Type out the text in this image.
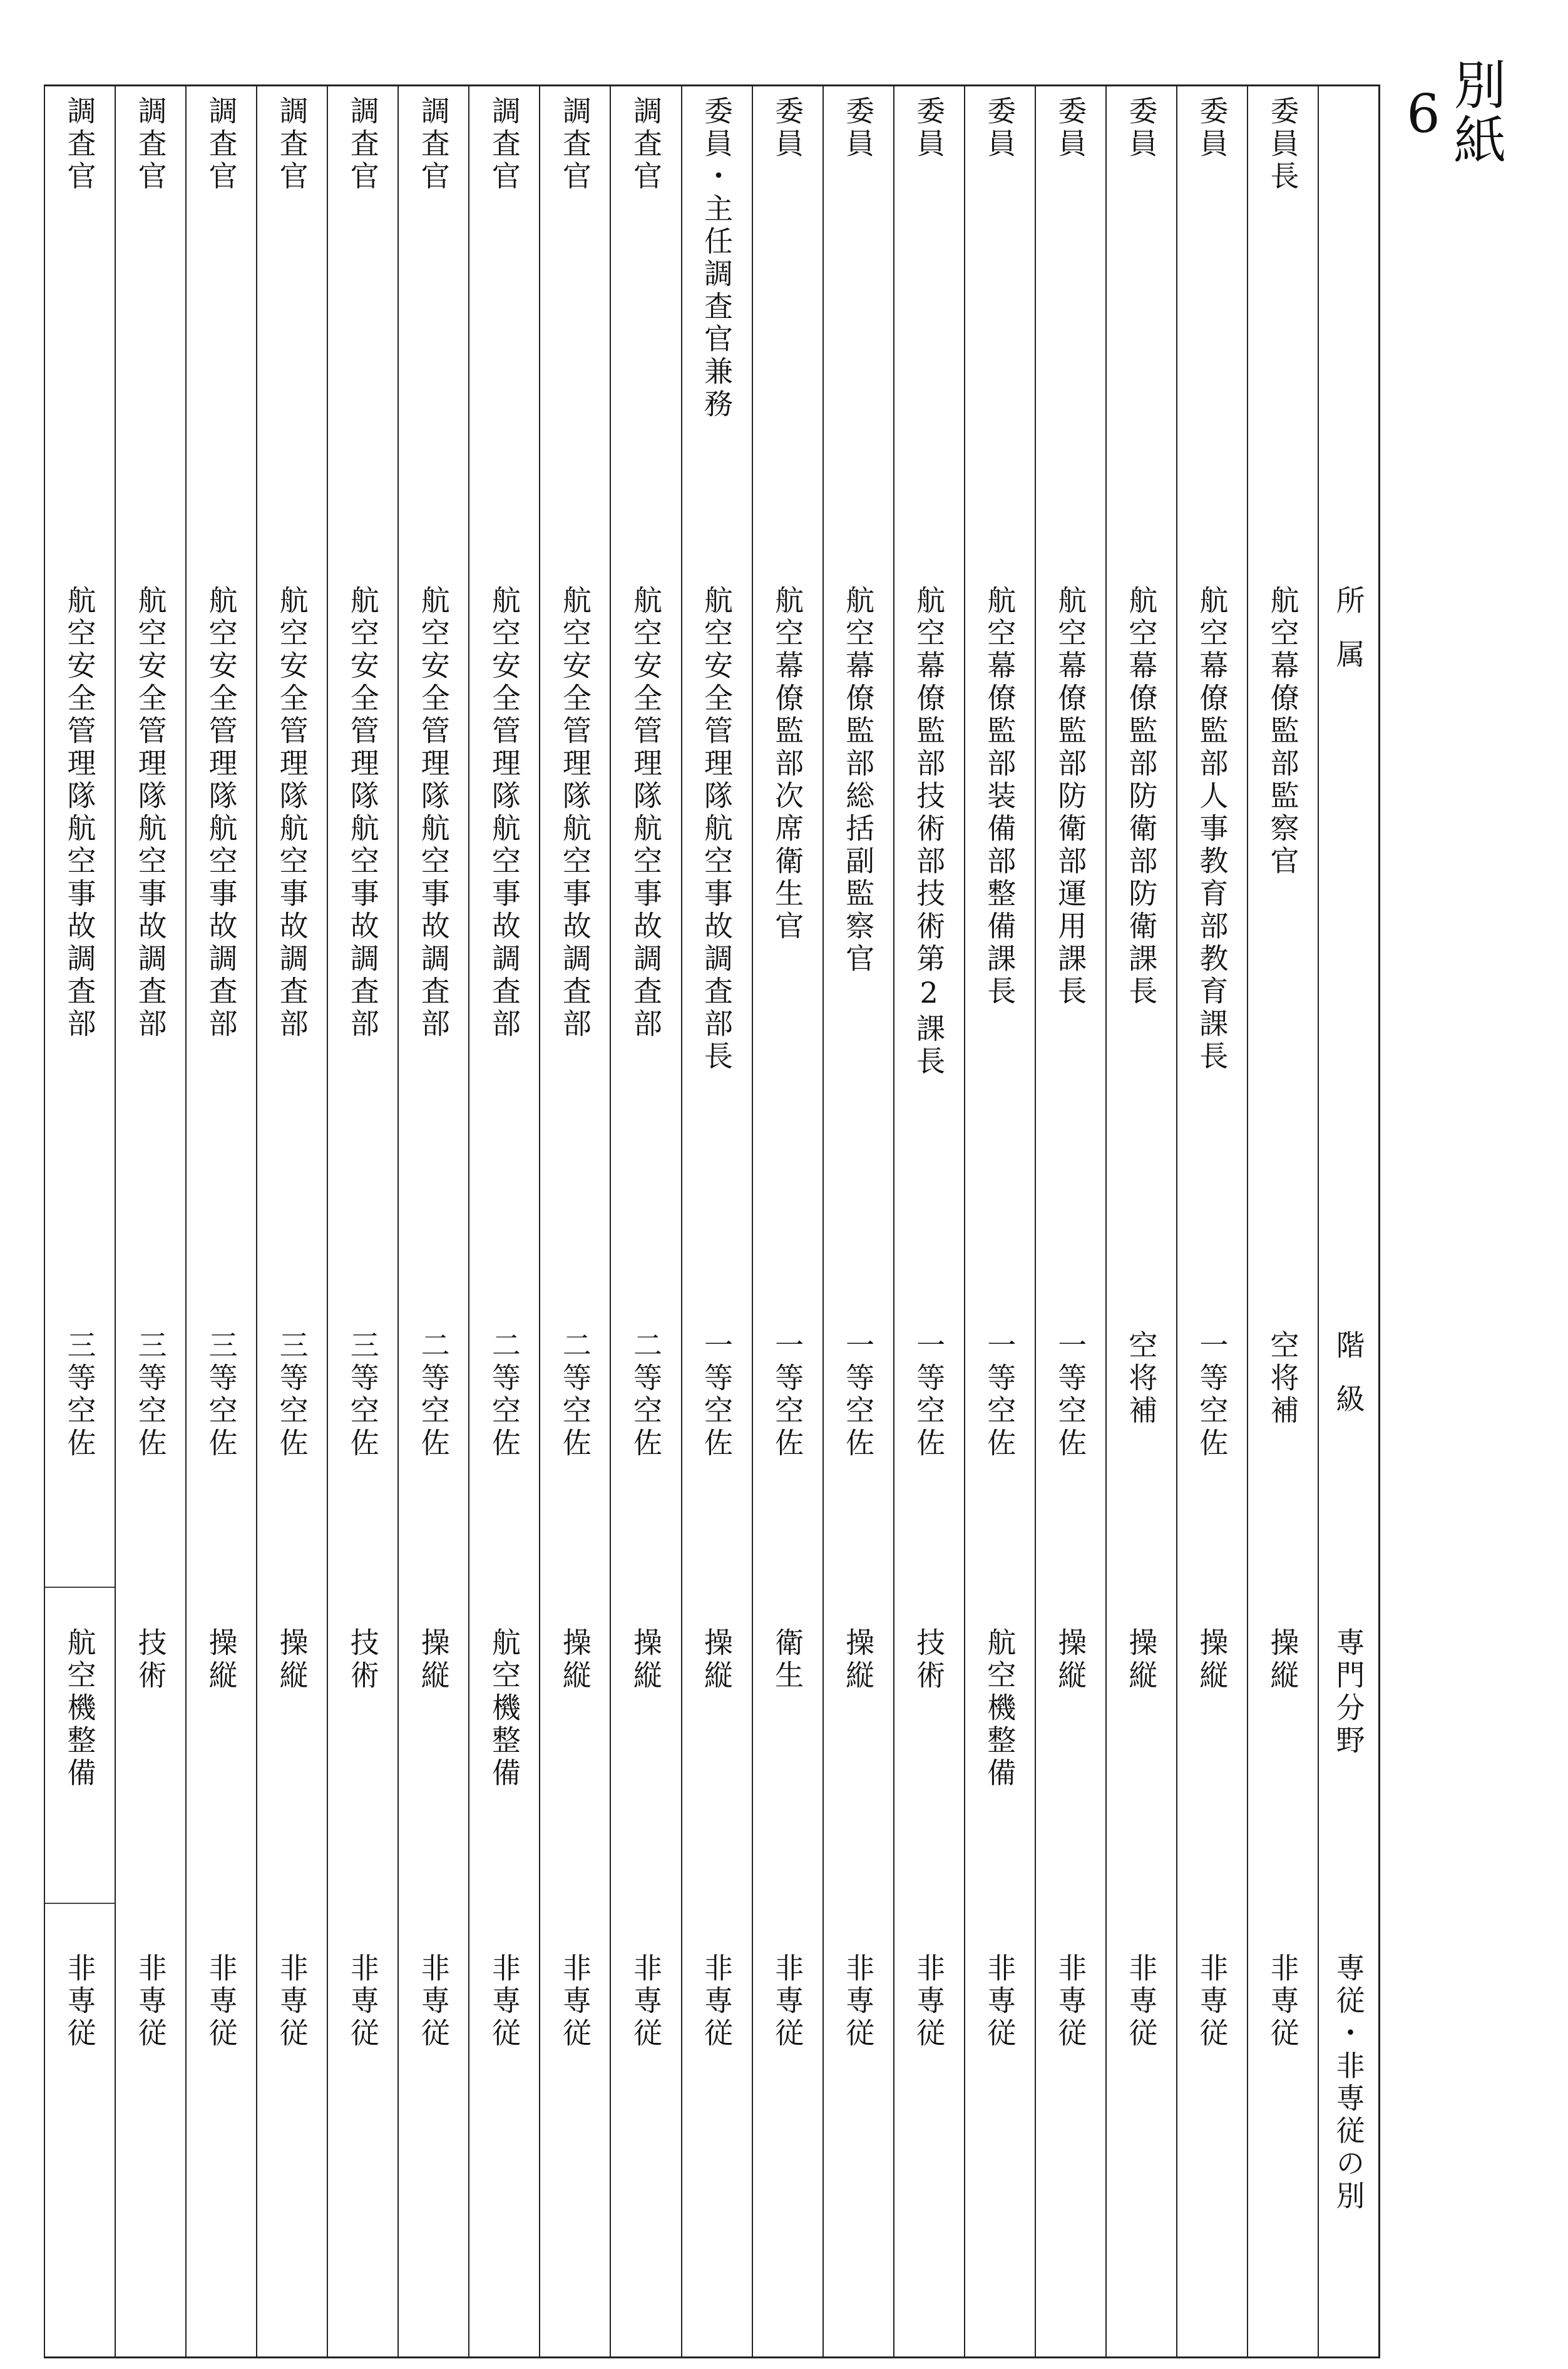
別紙
6
委員長
航空幕僚監部監察官
空将補
操縦
非専従
委員
航空幕僚監部人事教育部教育課長
一等空佐
操縦
非専従
委員
航空幕僚監部防衛部防衛課長
空将補
操縦
非専従
委員
航空幕僚監部防衛部運用課長
一等空佐
操縦
非専従
委員
航空幕僚監部装備部整備課長
一等空佐
航空機整備
非専従
委員
航空幕僚監部技術部技術第2課長
一等空佐
技術
非専従
委員
航空幕僚監部総括副監察官
一等空佐
操縦
非専従
委員
航空幕僚監部次席衛生官
一等空佐
衛生
非専従
委員・主任調査官兼務
航空安全管理隊航空事故調査部長
一等空佐
操縦
非専従
調査官
航空安全管理隊航空事故調査部
二等空佐
操縦
非専従
調査官
航空安全管理隊航空事故調査部
二等空佐
操縦
非専従
調査官
航空安全管理隊航空事故調査部
二等空佐
航空機整備
非専従
調査官
航空安全管理隊航空事故調査部
二等空佐
操縦
非専従
調査官
航空安全管理隊航空事故調査部
三等空佐
技術
非専従
調査官
航空安全管理隊航空事故調査部
三等空佐
操縦
非専従
調査官
航空安全管理隊航空事故調査部
三等空佐
操縦
非専従
調査官
航空安全管理隊航空事故調査部
三等空佐
技術
非専従
調査官
航空安全管理隊航空事故調査部
三等空佐
航空機整備
非専従
所属
階級
専門分野
専従・非専従の別
